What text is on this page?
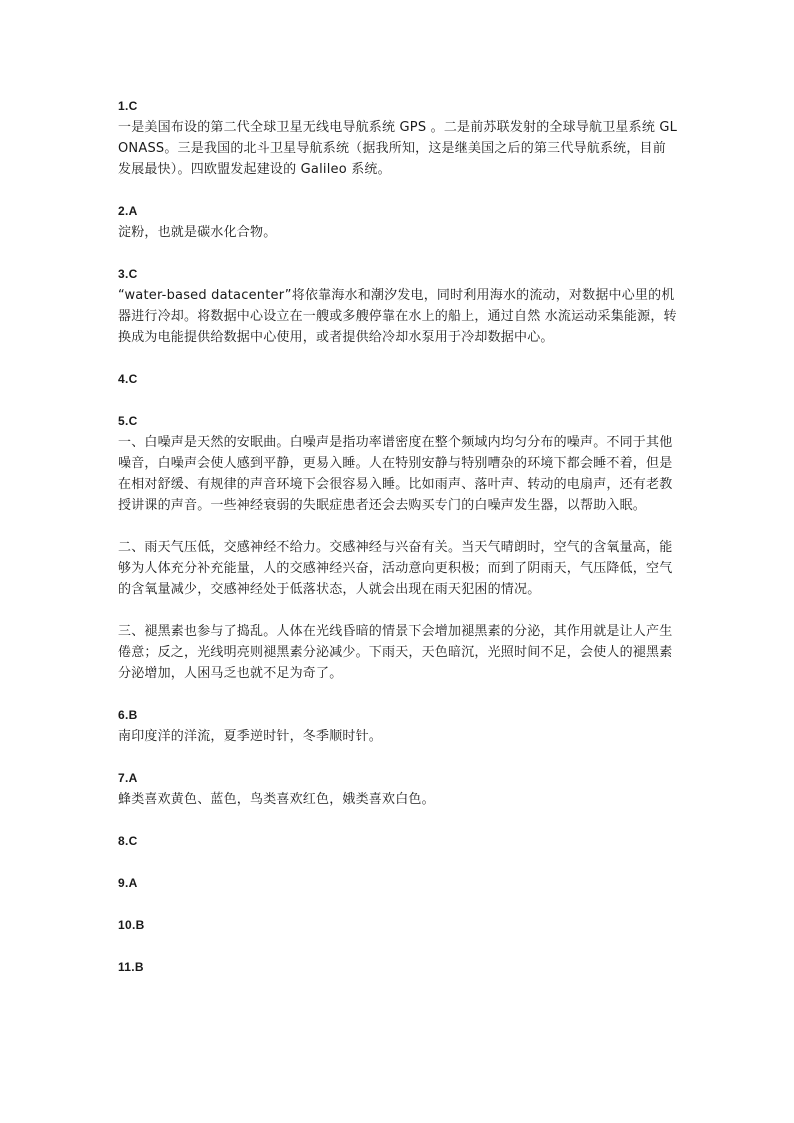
1.C

一是美国布设的第二代全球卫星无线电导航系统 GPS 。二是前苏联发射的全球导航卫星系统 GLONASS。三是我国的北斗卫星导航系统（据我所知，这是继美国之后的第三代导航系统，目前发展最快）。四欧盟发起建设的 Galileo 系统。

2.A

淀粉，也就是碳水化合物。

3.C

“water-based datacenter”将依靠海水和潮汐发电，同时利用海水的流动，对数据中心里的机器进行冷却。将数据中心设立在一艘或多艘停靠在水上的船上，通过自然 水流运动采集能源，转换成为电能提供给数据中心使用，或者提供给冷却水泵用于冷却数据中心。

4.C
5.C

一、白噪声是天然的安眠曲。白噪声是指功率谱密度在整个频域内均匀分布的噪声。不同于其他噪音，白噪声会使人感到平静，更易入睡。人在特别安静与特别嘈杂的环境下都会睡不着，但是在相对舒缓、有规律的声音环境下会很容易入睡。比如雨声、落叶声、转动的电扇声，还有老教授讲课的声音。一些神经衰弱的失眠症患者还会去购买专门的白噪声发生器，以帮助入眠。

二、雨天气压低，交感神经不给力。交感神经与兴奋有关。当天气晴朗时，空气的含氧量高，能够为人体充分补充能量，人的交感神经兴奋，活动意向更积极；而到了阴雨天，气压降低，空气的含氧量减少，交感神经处于低落状态，人就会出现在雨天犯困的情况。

三、褪黑素也参与了捣乱。人体在光线昏暗的情景下会增加褪黑素的分泌，其作用就是让人产生倦意；反之，光线明亮则褪黑素分泌减少。下雨天，天色暗沉，光照时间不足，会使人的褪黑素分泌增加，人困马乏也就不足为奇了。

6.B

南印度洋的洋流，夏季逆时针，冬季顺时针。

7.A

蜂类喜欢黄色、蓝色，鸟类喜欢红色，娥类喜欢白色。

8.C
9.A
10.B
11.B
